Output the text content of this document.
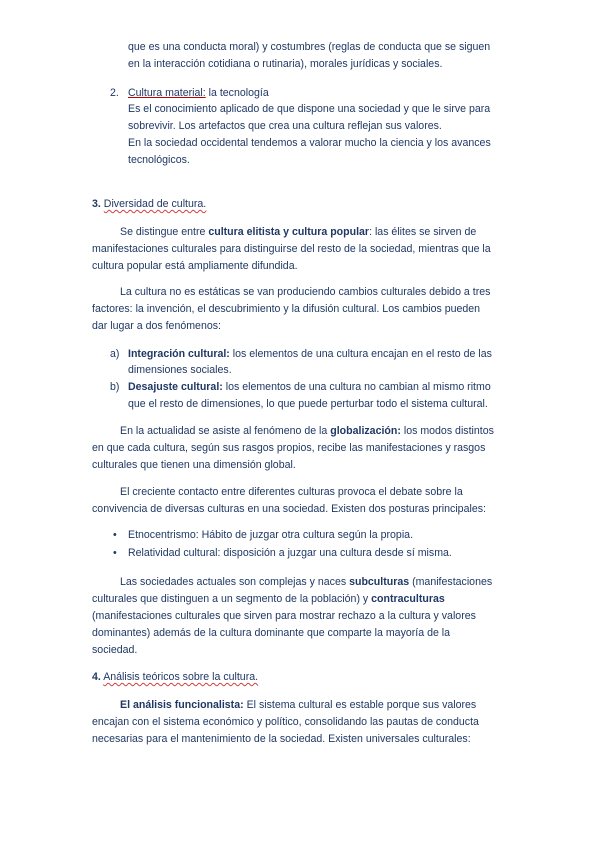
que es una conducta moral) y costumbres (reglas de conducta que se siguen
en la interacción cotidiana o rutinaria), morales jurídicas y sociales.
2. Cultura material: la tecnología
Es el conocimiento aplicado de que dispone una sociedad y que le sirve para
sobrevivir. Los artefactos que crea una cultura reflejan sus valores.
En la sociedad occidental tendemos a valorar mucho la ciencia y los avances
tecnológicos.
3. Diversidad de cultura.
Se distingue entre cultura elitista y cultura popular: las élites se sirven de
manifestaciones culturales para distinguirse del resto de la sociedad, mientras que la
cultura popular está ampliamente difundida.
La cultura no es estáticas se van produciendo cambios culturales debido a tres
factores: la invención, el descubrimiento y la difusión cultural. Los cambios pueden
dar lugar a dos fenómenos:
a) Integración cultural: los elementos de una cultura encajan en el resto de las
dimensiones sociales.
b) Desajuste cultural: los elementos de una cultura no cambian al mismo ritmo
que el resto de dimensiones, lo que puede perturbar todo el sistema cultural.
En la actualidad se asiste al fenómeno de la globalización: los modos distintos
en que cada cultura, según sus rasgos propios, recibe las manifestaciones y rasgos
culturales que tienen una dimensión global.
El creciente contacto entre diferentes culturas provoca el debate sobre la
convivencia de diversas culturas en una sociedad. Existen dos posturas principales:
• Etnocentrismo: Hábito de juzgar otra cultura según la propia.
• Relatividad cultural: disposición a juzgar una cultura desde sí misma.
Las sociedades actuales son complejas y naces subculturas (manifestaciones
culturales que distinguen a un segmento de la población) y contraculturas
(manifestaciones culturales que sirven para mostrar rechazo a la cultura y valores
dominantes) además de la cultura dominante que comparte la mayoría de la
sociedad.
4. Análisis teóricos sobre la cultura.
El análisis funcionalista: El sistema cultural es estable porque sus valores
encajan con el sistema económico y político, consolidando las pautas de conducta
necesarias para el mantenimiento de la sociedad. Existen universales culturales:
